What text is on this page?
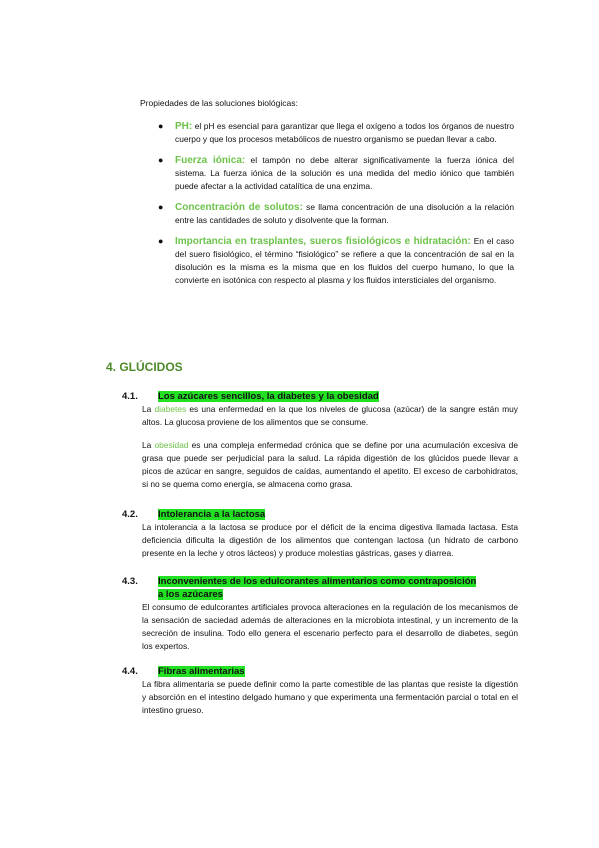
Propiedades de las soluciones biológicas:
● PH: el pH es esencial para garantizar que llega el oxígeno a todos los órganos de nuestro cuerpo y que los procesos metabólicos de nuestro organismo se puedan llevar a cabo.
● Fuerza iónica: el tampón no debe alterar significativamente la fuerza iónica del sistema. La fuerza iónica de la solución es una medida del medio iónico que también puede afectar a la actividad catalítica de una enzima.
● Concentración de solutos: se llama concentración de una disolución a la relación entre las cantidades de soluto y disolvente que la forman.
● Importancia en trasplantes, sueros fisiológicos e hidratación: En el caso del suero fisiológico, el término “fisiológico” se refiere a que la concentración de sal en la disolución es la misma es la misma que en los fluidos del cuerpo humano, lo que la convierte en isotónica con respecto al plasma y los fluidos intersticiales del organismo.
4. GLÚCIDOS
4.1. Los azúcares sencillos, la diabetes y la obesidad

La diabetes es una enfermedad en la que los niveles de glucosa (azúcar) de la sangre están muy altos. La glucosa proviene de los alimentos que se consume.

La obesidad es una compleja enfermedad crónica que se define por una acumulación excesiva de grasa que puede ser perjudicial para la salud. La rápida digestión de los glúcidos puede llevar a picos de azúcar en sangre, seguidos de caídas, aumentando el apetito. El exceso de carbohidratos, si no se quema como energía, se almacena como grasa.

4.2. Intolerancia a la lactosa

La intolerancia a la lactosa se produce por el déficit de la encima digestiva llamada lactasa. Esta deficiencia dificulta la digestión de los alimentos que contengan lactosa (un hidrato de carbono presente en la leche y otros lácteos) y produce molestias gástricas, gases y diarrea.

4.3. Inconvenientes de los edulcorantes alimentarios como contraposición
a los azúcares

El consumo de edulcorantes artificiales provoca alteraciones en la regulación de los mecanismos de la sensación de saciedad además de alteraciones en la microbiota intestinal, y un incremento de la secreción de insulina. Todo ello genera el escenario perfecto para el desarrollo de diabetes, según los expertos.

4.4. Fibras alimentarias

La fibra alimentaria se puede definir como la parte comestible de las plantas que resiste la digestión y absorción en el intestino delgado humano y que experimenta una fermentación parcial o total en el intestino grueso.
